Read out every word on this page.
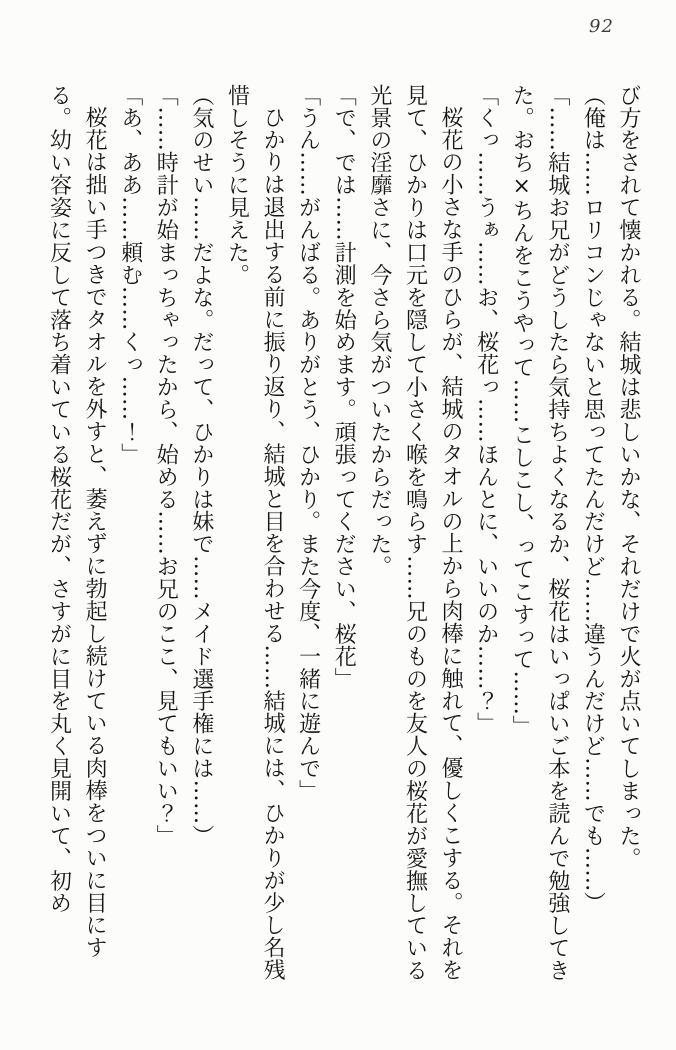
92

び方をされて懐かれる。結城は悲しいかな、それだけで火が点いてしまった。

（俺は……ロリコンじゃないと思ってたんだけど……違うんだけど……でも……）

「……結城お兄がどうしたら気持ちよくなるか、桜花はいっぱいご本を読んで勉強してきた。おち×ちんをこうやって……こしこし、ってこすって……」

「くっ……うぁ……お、桜花っ……ほんとに、いいのか……？」

桜花の小さな手のひらが、結城のタオルの上から肉棒に触れて、優しくこする。それを見て、ひかりは口元を隠して小さく喉を鳴らす……兄のものを友人の桜花が愛撫している光景の淫靡さに、今さら気がついたからだった。

「で、では……計測を始めます。頑張ってください、桜花」

「うん……がんばる。ありがとう、ひかり。また今度、一緒に遊んで」

ひかりは退出する前に振り返り、結城と目を合わせる……結城には、ひかりが少し名残惜しそうに見えた。

（気のせい……だよな。だって、ひかりは妹で……メイド選手権には……）

「……時計が始まっちゃったから、始める……お兄のここ、見てもいい？」

「あ、ああ……頼む……くっ……！」

桜花は拙い手つきでタオルを外すと、萎えずに勃起し続けている肉棒をついに目にする。幼い容姿に反して落ち着いている桜花だが、さすがに目を丸く見開いて、初め
